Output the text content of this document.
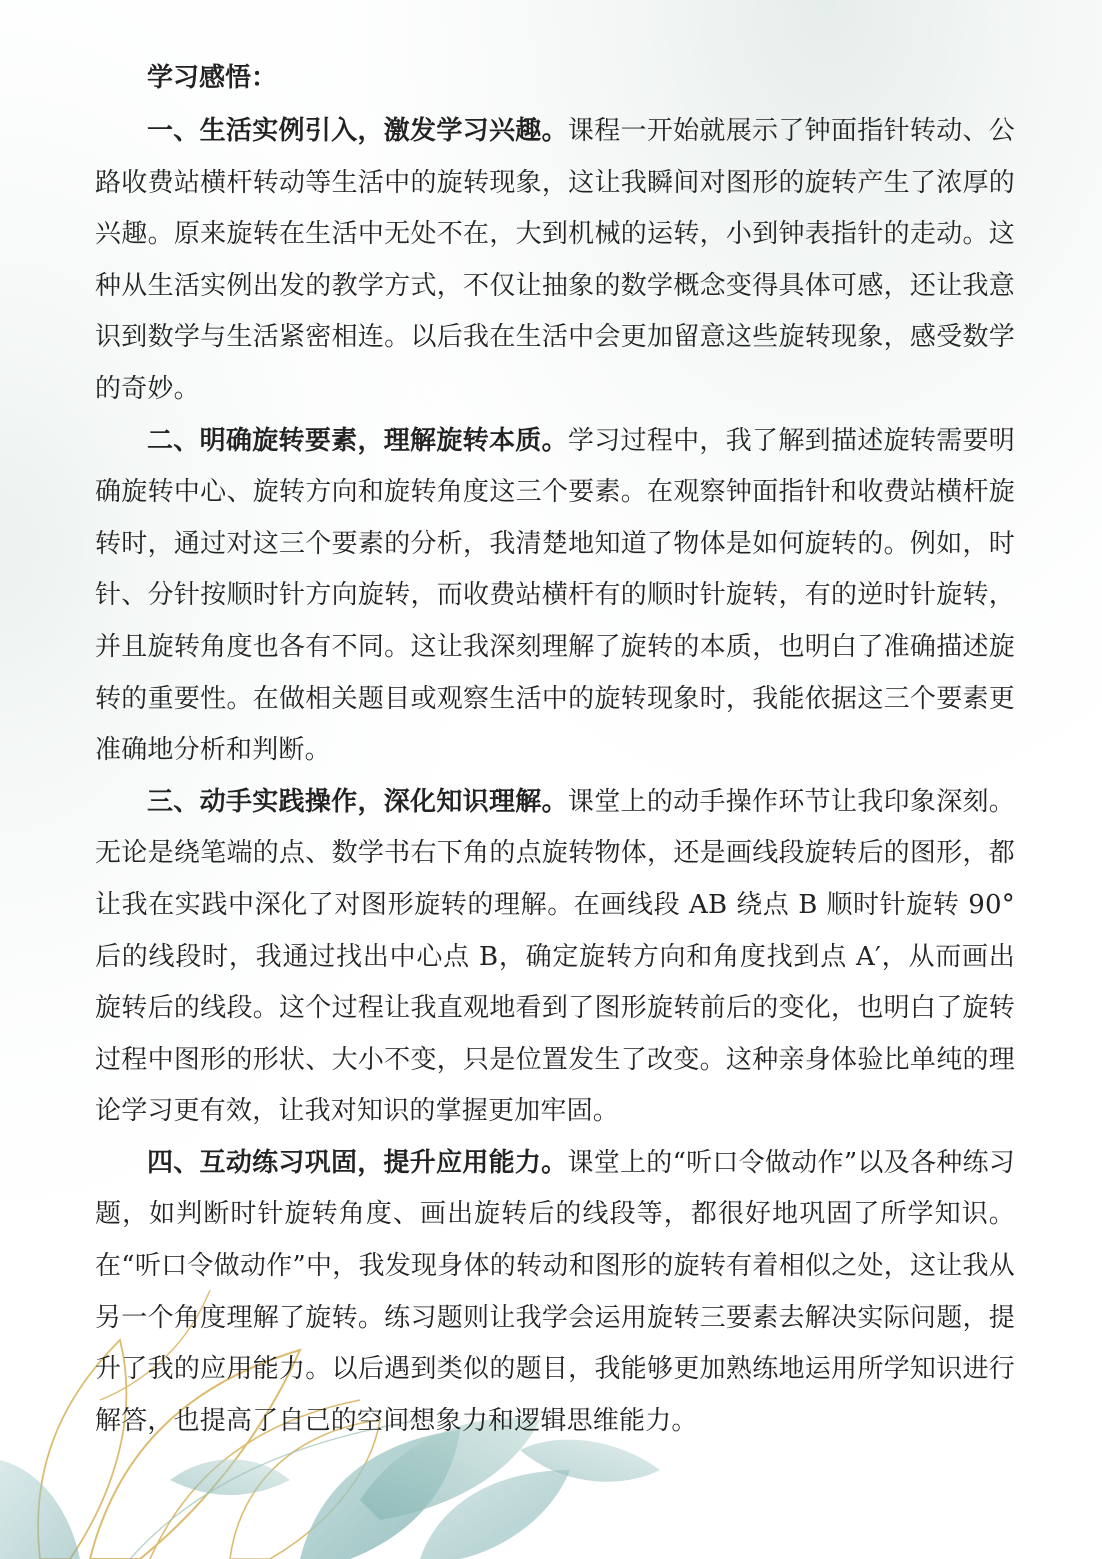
学习感悟：

一、生活实例引入，激发学习兴趣。课程一开始就展示了钟面指针转动、公路收费站横杆转动等生活中的旋转现象，这让我瞬间对图形的旋转产生了浓厚的兴趣。原来旋转在生活中无处不在，大到机械的运转，小到钟表指针的走动。这种从生活实例出发的教学方式，不仅让抽象的数学概念变得具体可感，还让我意识到数学与生活紧密相连。以后我在生活中会更加留意这些旋转现象，感受数学的奇妙。

二、明确旋转要素，理解旋转本质。学习过程中，我了解到描述旋转需要明确旋转中心、旋转方向和旋转角度这三个要素。在观察钟面指针和收费站横杆旋转时，通过对这三个要素的分析，我清楚地知道了物体是如何旋转的。例如，时针、分针按顺时针方向旋转，而收费站横杆有的顺时针旋转，有的逆时针旋转，并且旋转角度也各有不同。这让我深刻理解了旋转的本质，也明白了准确描述旋转的重要性。在做相关题目或观察生活中的旋转现象时，我能依据这三个要素更准确地分析和判断。

三、动手实践操作，深化知识理解。课堂上的动手操作环节让我印象深刻。无论是绕笔端的点、数学书右下角的点旋转物体，还是画线段旋转后的图形，都让我在实践中深化了对图形旋转的理解。在画线段 AB 绕点 B 顺时针旋转 90° 后的线段时，我通过找出中心点 B，确定旋转方向和角度找到点 A′，从而画出旋转后的线段。这个过程让我直观地看到了图形旋转前后的变化，也明白了旋转过程中图形的形状、大小不变，只是位置发生了改变。这种亲身体验比单纯的理论学习更有效，让我对知识的掌握更加牢固。

四、互动练习巩固，提升应用能力。课堂上的“听口令做动作”以及各种练习题，如判断时针旋转角度、画出旋转后的线段等，都很好地巩固了所学知识。在“听口令做动作”中，我发现身体的转动和图形的旋转有着相似之处，这让我从另一个角度理解了旋转。练习题则让我学会运用旋转三要素去解决实际问题，提升了我的应用能力。以后遇到类似的题目，我能够更加熟练地运用所学知识进行解答，也提高了自己的空间想象力和逻辑思维能力。
